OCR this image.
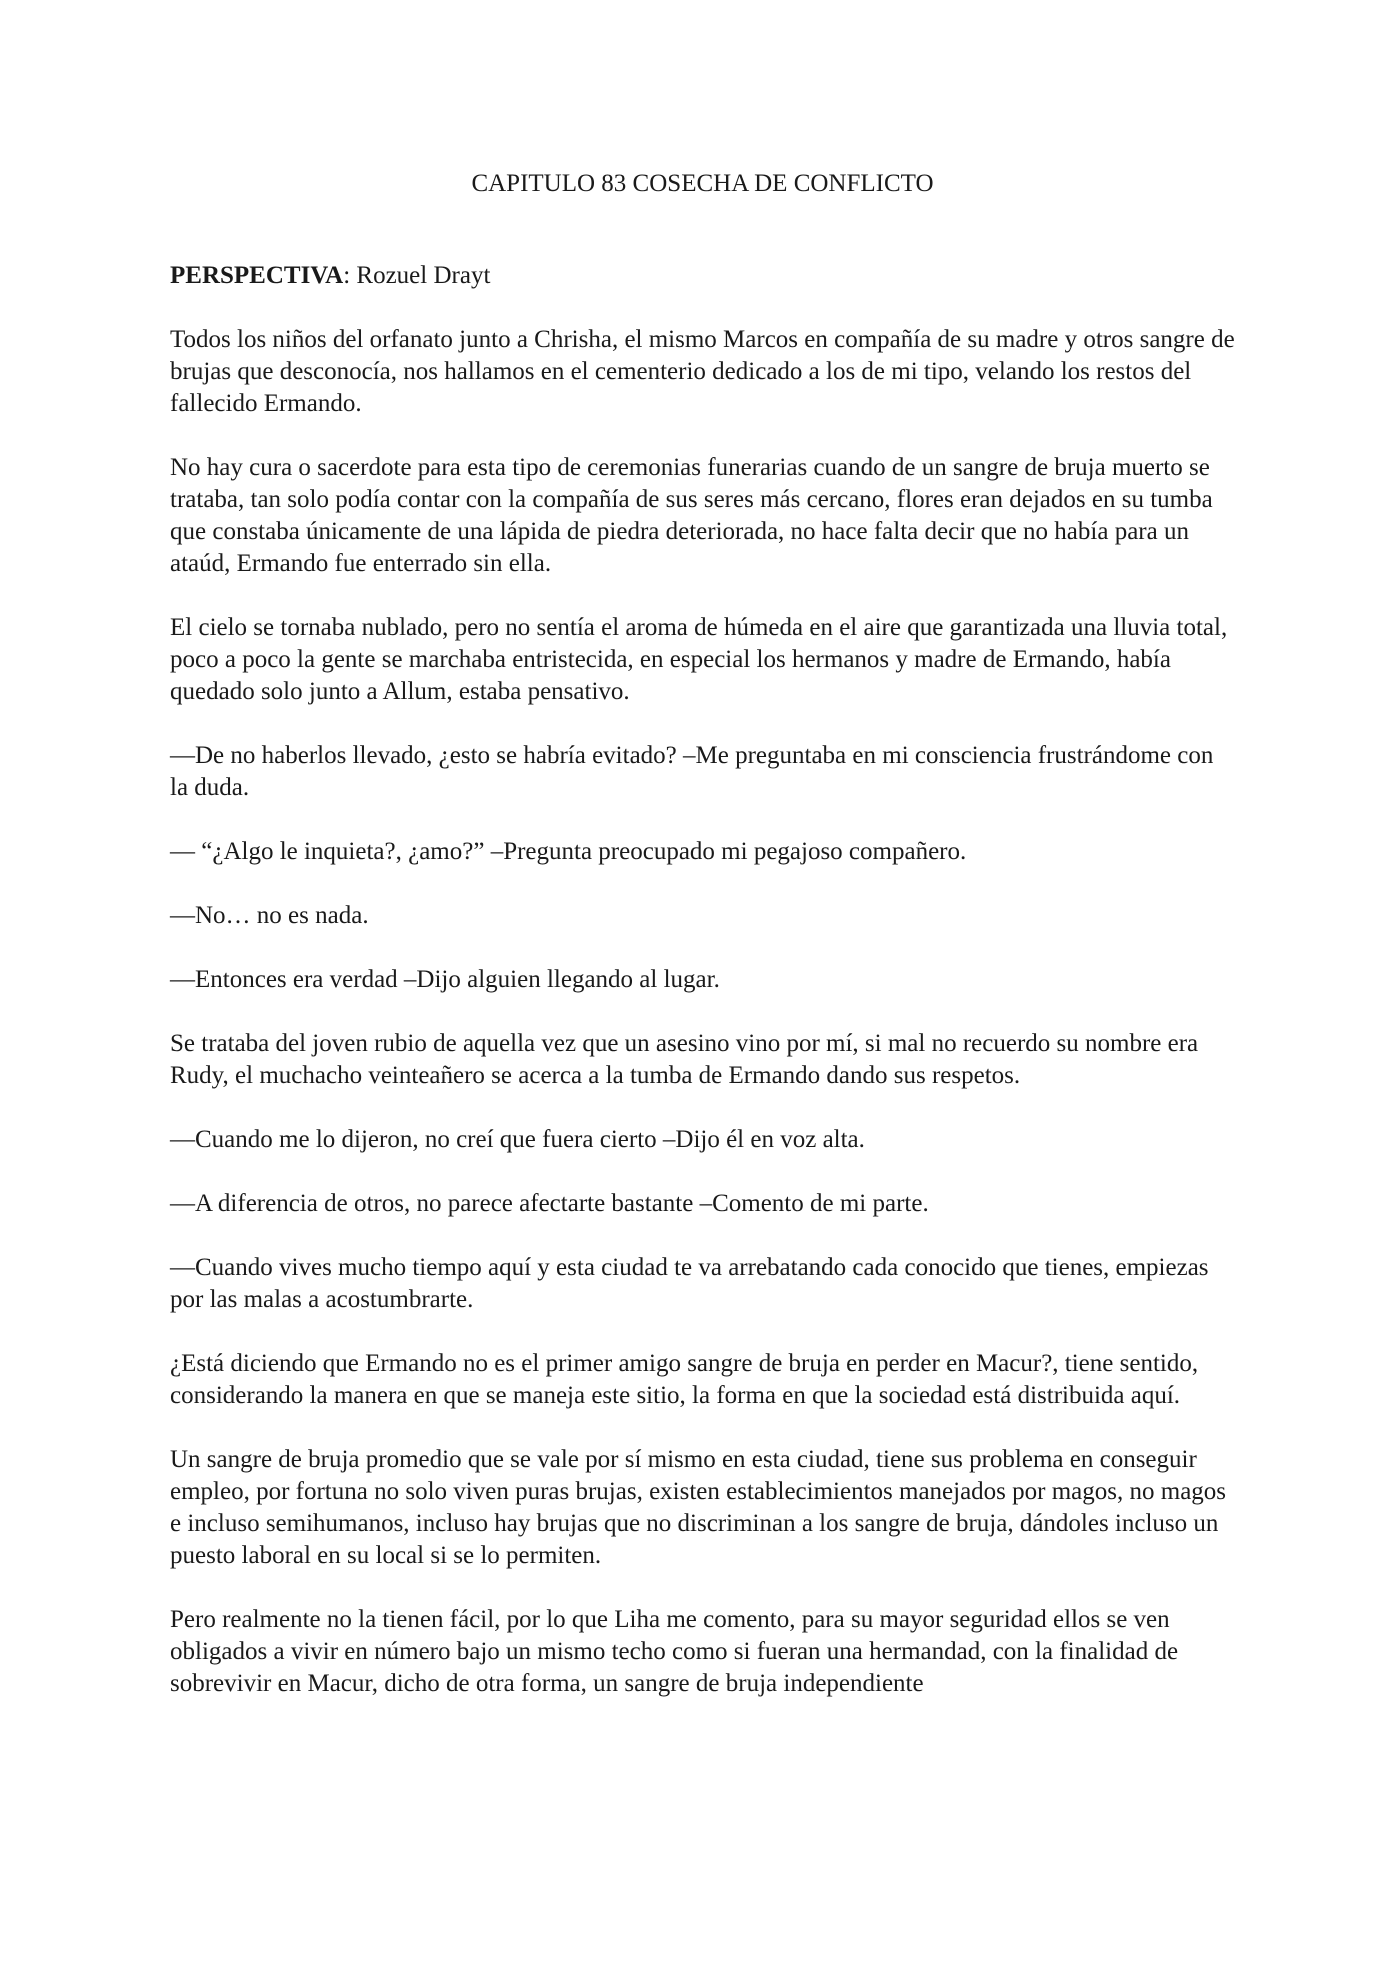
CAPITULO 83 COSECHA DE CONFLICTO
PERSPECTIVA: Rozuel Drayt

Todos los niños del orfanato junto a Chrisha, el mismo Marcos en compañía de su madre y otros sangre de brujas que desconocía, nos hallamos en el cementerio dedicado a los de mi tipo, velando los restos del fallecido Ermando.

No hay cura o sacerdote para esta tipo de ceremonias funerarias cuando de un sangre de bruja muerto se trataba, tan solo podía contar con la compañía de sus seres más cercano, flores eran dejados en su tumba que constaba únicamente de una lápida de piedra deteriorada, no hace falta decir que no había para un ataúd, Ermando fue enterrado sin ella.

El cielo se tornaba nublado, pero no sentía el aroma de húmeda en el aire que garantizada una lluvia total, poco a poco la gente se marchaba entristecida, en especial los hermanos y madre de Ermando, había quedado solo junto a Allum, estaba pensativo.

—De no haberlos llevado, ¿esto se habría evitado? –Me preguntaba en mi consciencia frustrándome con la duda.

— “¿Algo le inquieta?, ¿amo?” –Pregunta preocupado mi pegajoso compañero.

—No… no es nada.

—Entonces era verdad –Dijo alguien llegando al lugar.

Se trataba del joven rubio de aquella vez que un asesino vino por mí, si mal no recuerdo su nombre era Rudy, el muchacho veinteañero se acerca a la tumba de Ermando dando sus respetos.

—Cuando me lo dijeron, no creí que fuera cierto –Dijo él en voz alta.

—A diferencia de otros, no parece afectarte bastante –Comento de mi parte.

—Cuando vives mucho tiempo aquí y esta ciudad te va arrebatando cada conocido que tienes, empiezas por las malas a acostumbrarte.

¿Está diciendo que Ermando no es el primer amigo sangre de bruja en perder en Macur?, tiene sentido, considerando la manera en que se maneja este sitio, la forma en que la sociedad está distribuida aquí.

Un sangre de bruja promedio que se vale por sí mismo en esta ciudad, tiene sus problema en conseguir empleo, por fortuna no solo viven puras brujas, existen establecimientos manejados por magos, no magos e incluso semihumanos, incluso hay brujas que no discriminan a los sangre de bruja, dándoles incluso un puesto laboral en su local si se lo permiten.

Pero realmente no la tienen fácil, por lo que Liha me comento, para su mayor seguridad ellos se ven obligados a vivir en número bajo un mismo techo como si fueran una hermandad, con la finalidad de sobrevivir en Macur, dicho de otra forma, un sangre de bruja independiente
